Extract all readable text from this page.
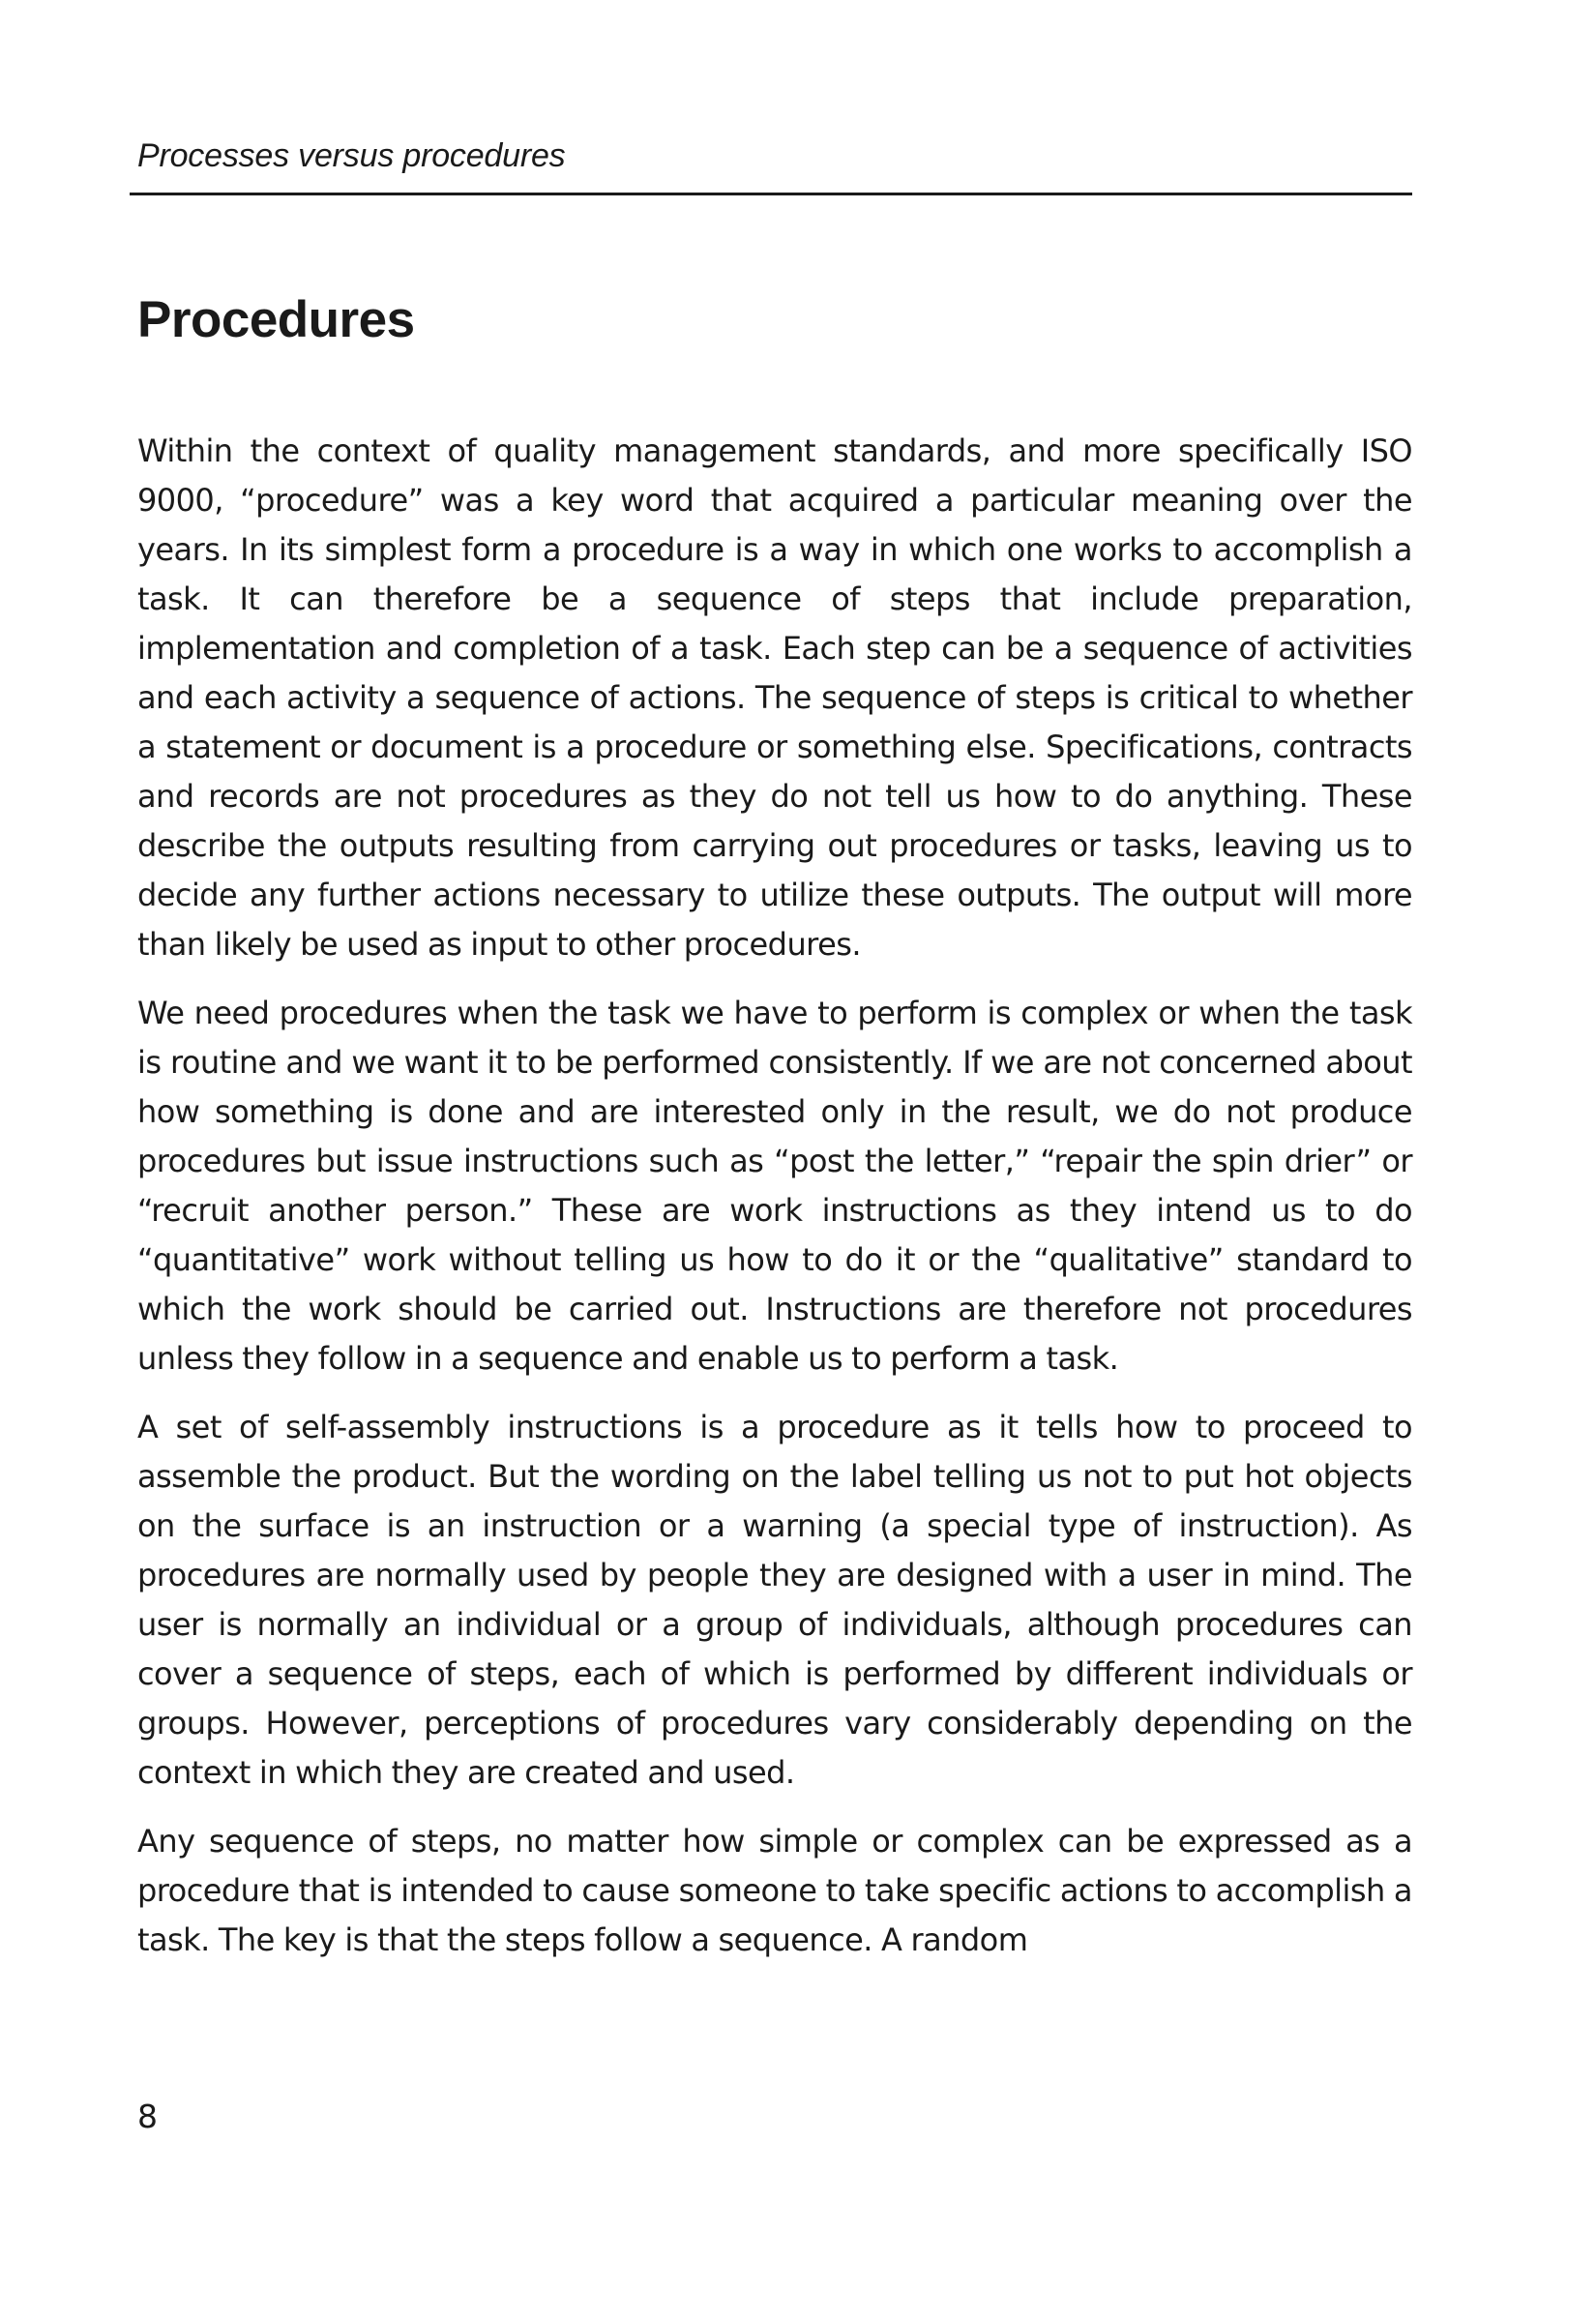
Processes versus procedures
Procedures

Within the context of quality management standards, and more specifically ISO 9000, “procedure” was a key word that acquired a particular meaning over the years. In its simplest form a procedure is a way in which one works to accomplish a task. It can therefore be a sequence of steps that include preparation, implementation and completion of a task. Each step can be a sequence of activities and each activity a sequence of actions. The sequence of steps is critical to whether a statement or document is a procedure or something else. Specifications, contracts and records are not procedures as they do not tell us how to do anything. These describe the outputs resulting from carrying out procedures or tasks, leaving us to decide any further actions necessary to utilize these outputs. The output will more than likely be used as input to other procedures.

We need procedures when the task we have to perform is complex or when the task is routine and we want it to be performed consistently. If we are not concerned about how something is done and are interested only in the result, we do not produce procedures but issue instructions such as “post the letter,” “repair the spin drier” or “recruit another person.” These are work instructions as they intend us to do “quantitative” work without telling us how to do it or the “qualitative” standard to which the work should be carried out. Instructions are therefore not procedures unless they follow in a sequence and enable us to perform a task.

A set of self-assembly instructions is a procedure as it tells how to proceed to assemble the product. But the wording on the label telling us not to put hot objects on the surface is an instruction or a warning (a special type of instruction). As procedures are normally used by people they are designed with a user in mind. The user is normally an individual or a group of individuals, although procedures can cover a sequence of steps, each of which is performed by different individuals or groups. However, perceptions of procedures vary considerably depending on the context in which they are created and used.

Any sequence of steps, no matter how simple or complex can be expressed as a procedure that is intended to cause someone to take specific actions to accomplish a task. The key is that the steps follow a sequence. A random

8
